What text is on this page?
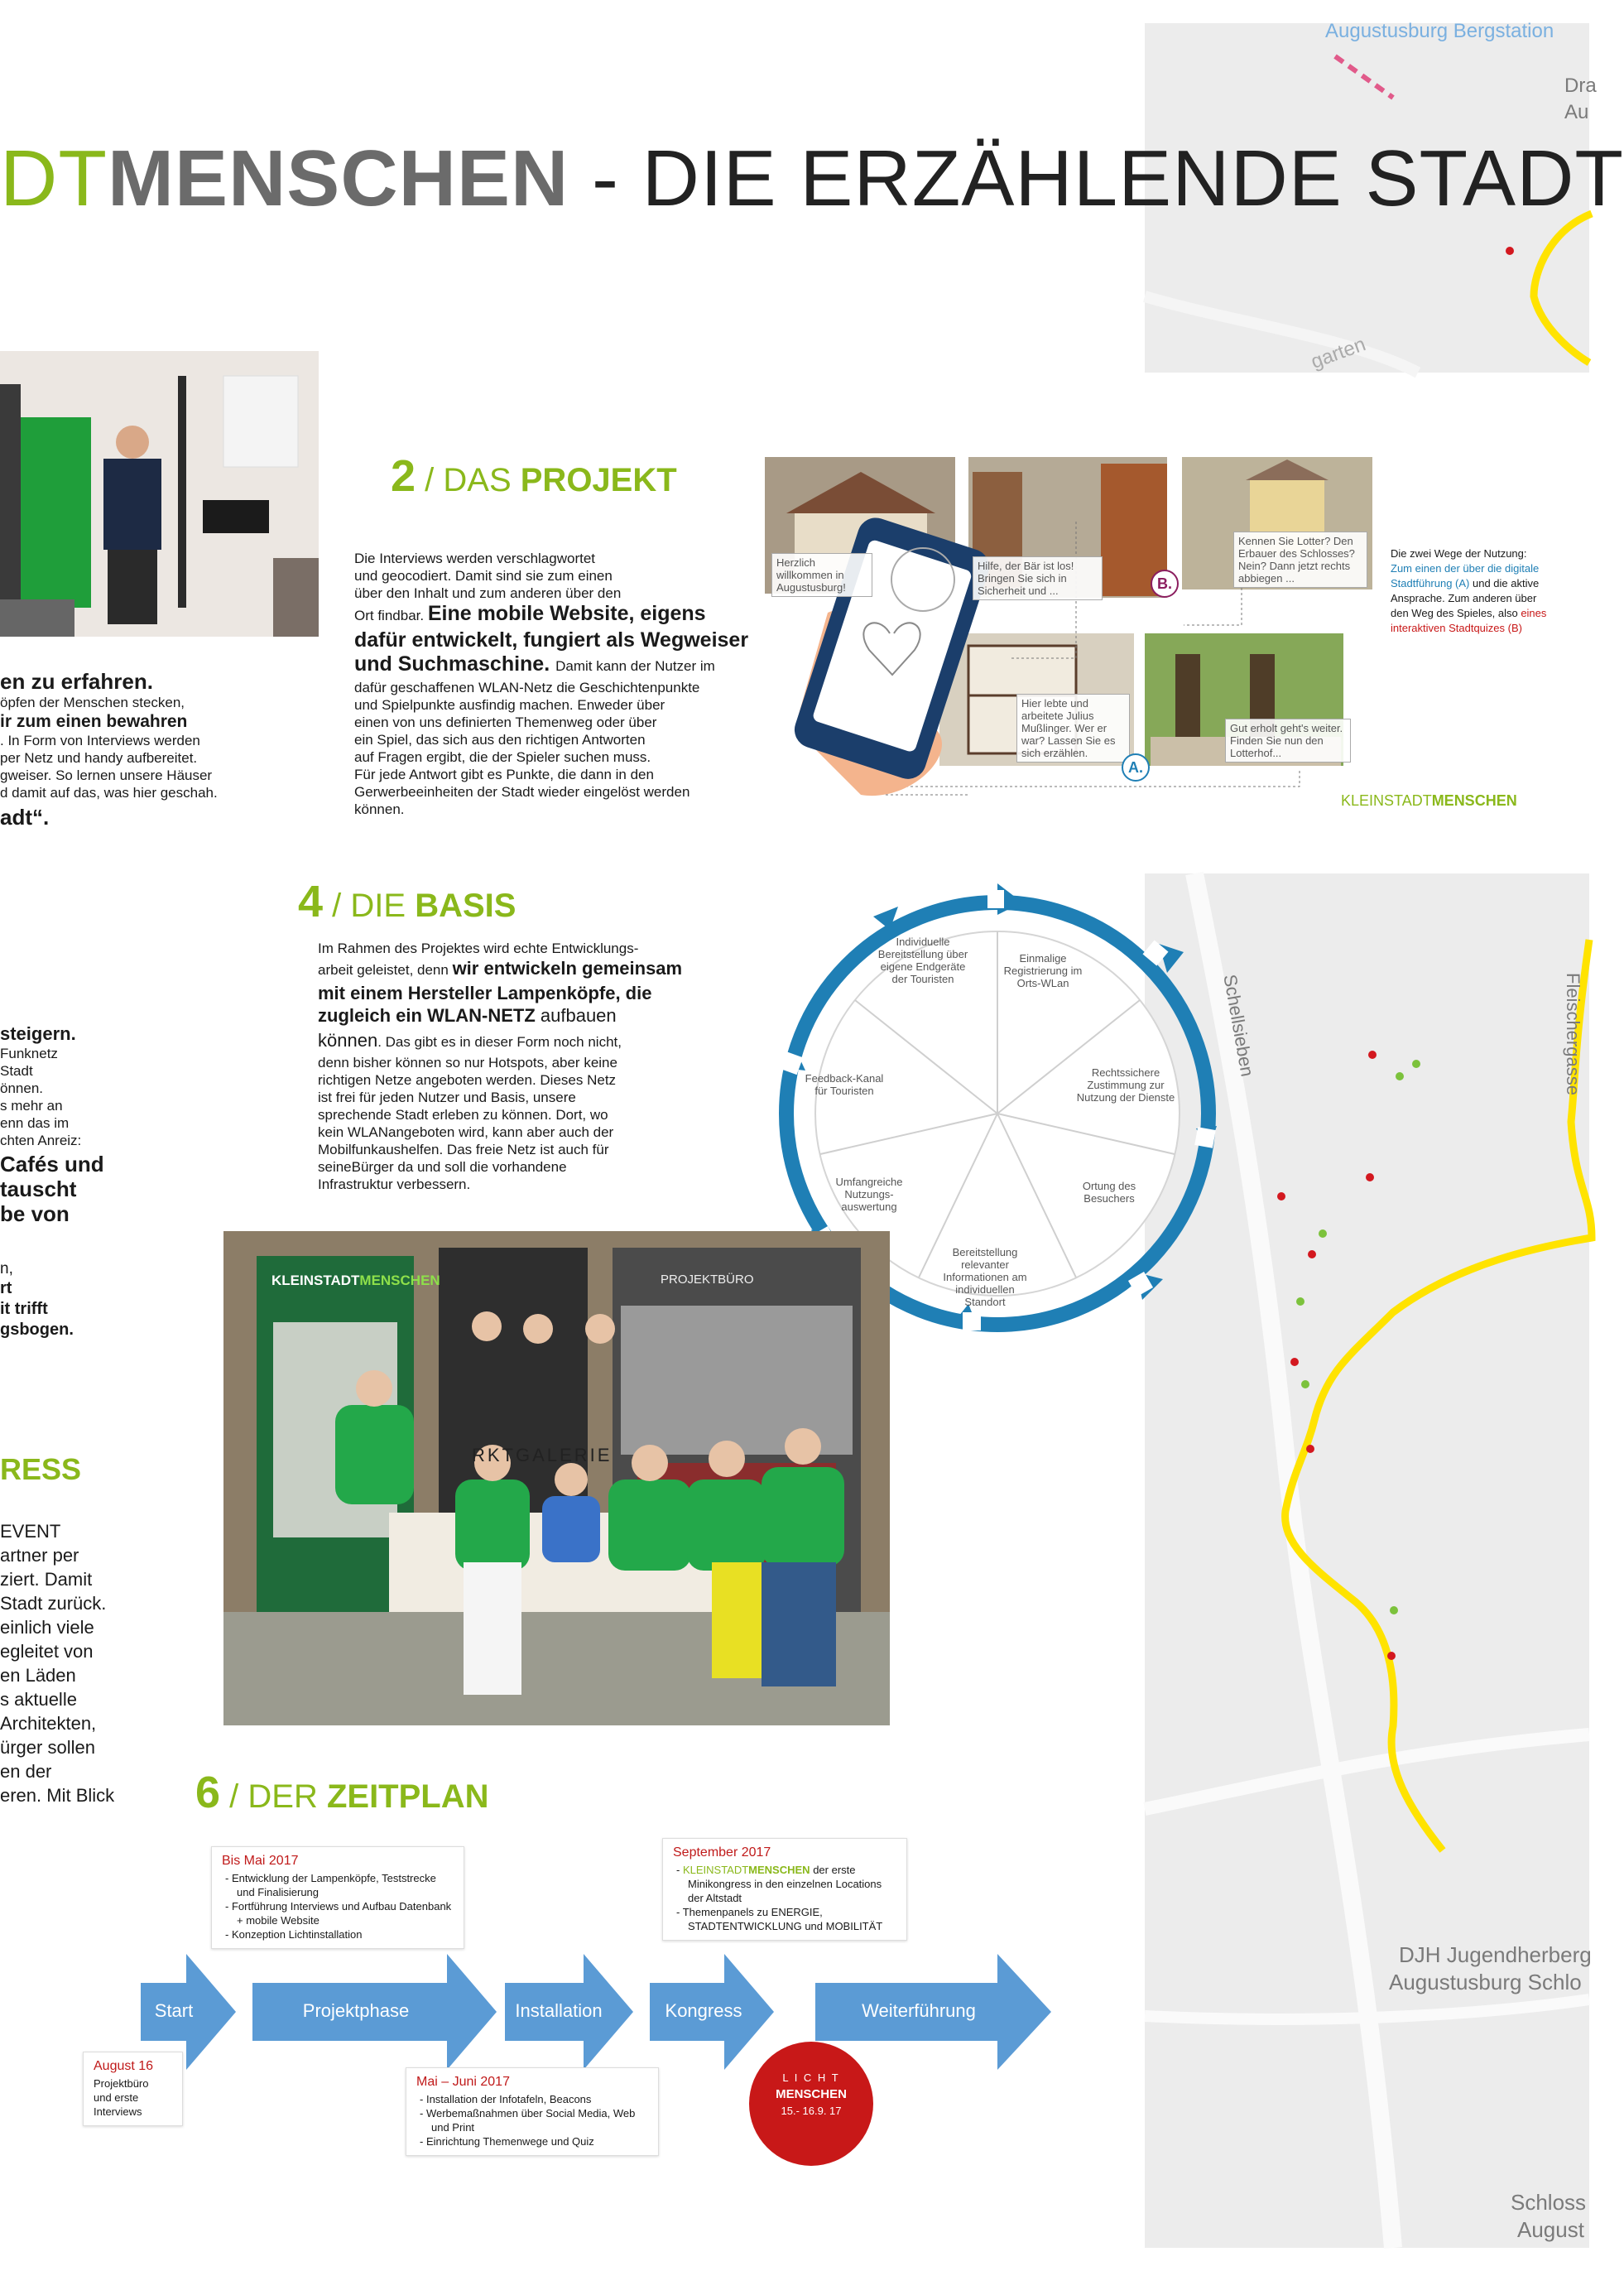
Augustusburg Bergstation
Dra
Au
garten
DTMENSCHEN - DIE ERZÄHLENDE STADT
en zu erfahren.
öpfen der Menschen stecken,
ir zum einen bewahren
. In Form von Interviews werden
per Netz und handy aufbereitet.
gweiser. So lernen unsere Häuser
d damit auf das, was hier geschah.
adt“.
steigern.
Funknetz
Stadt
önnen.
s mehr an
enn das im
chten Anreiz:
Cafés und
tauscht
be von
n,
rt
it trifft
gsbogen.
RESS
EVENT
artner per
ziert. Damit
Stadt zurück.
einlich viele
egleitet von
en Läden
s aktuelle
Architekten,
ürger sollen
en der
eren. Mit Blick
2 / DAS PROJEKT
Die Interviews werden verschlagwortet
und geocodiert. Damit sind sie zum einen
über den Inhalt und zum anderen über den
Ort findbar. Eine mobile Website, eigens
dafür entwickelt, fungiert als Wegweiser
und Suchmaschine. Damit kann der Nutzer im
dafür geschaffenen WLAN-Netz die Geschichtenpunkte
und Spielpunkte ausfindig machen. Enweder über
einen von uns definierten Themenweg oder über
ein Spiel, das sich aus den richtigen Antworten
auf Fragen ergibt, die der Spieler suchen muss.
Für jede Antwort gibt es Punkte, die dann in den
Gerwerbeeinheiten der Stadt wieder eingelöst werden
können.
Herzlich willkommen in Augustusburg!
Hilfe, der Bär ist los! Bringen Sie sich in Sicherheit und ...
Kennen Sie Lotter? Den Erbauer des Schlosses? Nein? Dann jetzt rechts abbiegen ...
Hier lebte und arbeitete Julius Mußlinger. Wer er war? Lassen Sie es sich erzählen.
Gut erholt geht's weiter. Finden Sie nun den Lotterhof...
B.
A.
KLEINSTADTMENSCHEN
Die zwei Wege der Nutzung:
Zum einen der über die digitale Stadtführung (A) und die aktive Ansprache. Zum anderen über den Weg des Spieles, also eines interaktiven Stadtquizes (B)
Schellsieben	Fleischergasse
DJH Jugendherberg
Augustusburg Schlo
Schloss
August
4 / DIE BASIS
Im Rahmen des Projektes wird echte Entwicklungs-
arbeit geleistet, denn wir entwickeln gemeinsam
mit einem Hersteller Lampenköpfe, die
zugleich ein WLAN-NETZ aufbauen
können. Das gibt es in dieser Form noch nicht,
denn bisher können so nur Hotspots, aber keine
richtigen Netze angeboten werden. Dieses Netz
ist frei für jeden Nutzer und Basis, unsere
sprechende Stadt erleben zu können. Dort, wo
kein WLANangeboten wird, kann aber auch der
Mobilfunkaushelfen. Das freie Netz ist auch für
seineBürger da und soll die vorhandene
Infrastruktur verbessern.
Einmalige Registrierung im Orts-WLan
Rechtssichere Zustimmung zur Nutzung der Dienste
Ortung des Besuchers
Bereitstellung relevanter Informationen am individuellen Standort
Umfangreiche Nutzungs-auswertung
Feedback-Kanal für Touristen
Individuelle Bereitstellung über eigene Endgeräte der Touristen
KLEINSTADTMENSCHEN	PROJEKTBÜRO
RKTGALERIE
6 / DER ZEITPLAN
Start	Projektphase	Installation	Kongress	Weiterführung
August 16
Projektbüro
und erste
Interviews
Bis Mai 2017
- Entwicklung der Lampenköpfe, Teststrecke und Finalisierung
- Fortführung Interviews und Aufbau Datenbank + mobile Website
- Konzeption Lichtinstallation
Mai – Juni 2017
- Installation der Infotafeln, Beacons
- Werbemaßnahmen über Social Media, Web und Print
- Einrichtung Themenwege und Quiz
September 2017
- KLEINSTADTMENSCHEN der erste Minikongress in den einzelnen Locations der Altstadt
- Themenpanels zu ENERGIE, STADTENTWICKLUNG und MOBILITÄT
L I C H T
MENSCHEN
15.- 16.9. 17
